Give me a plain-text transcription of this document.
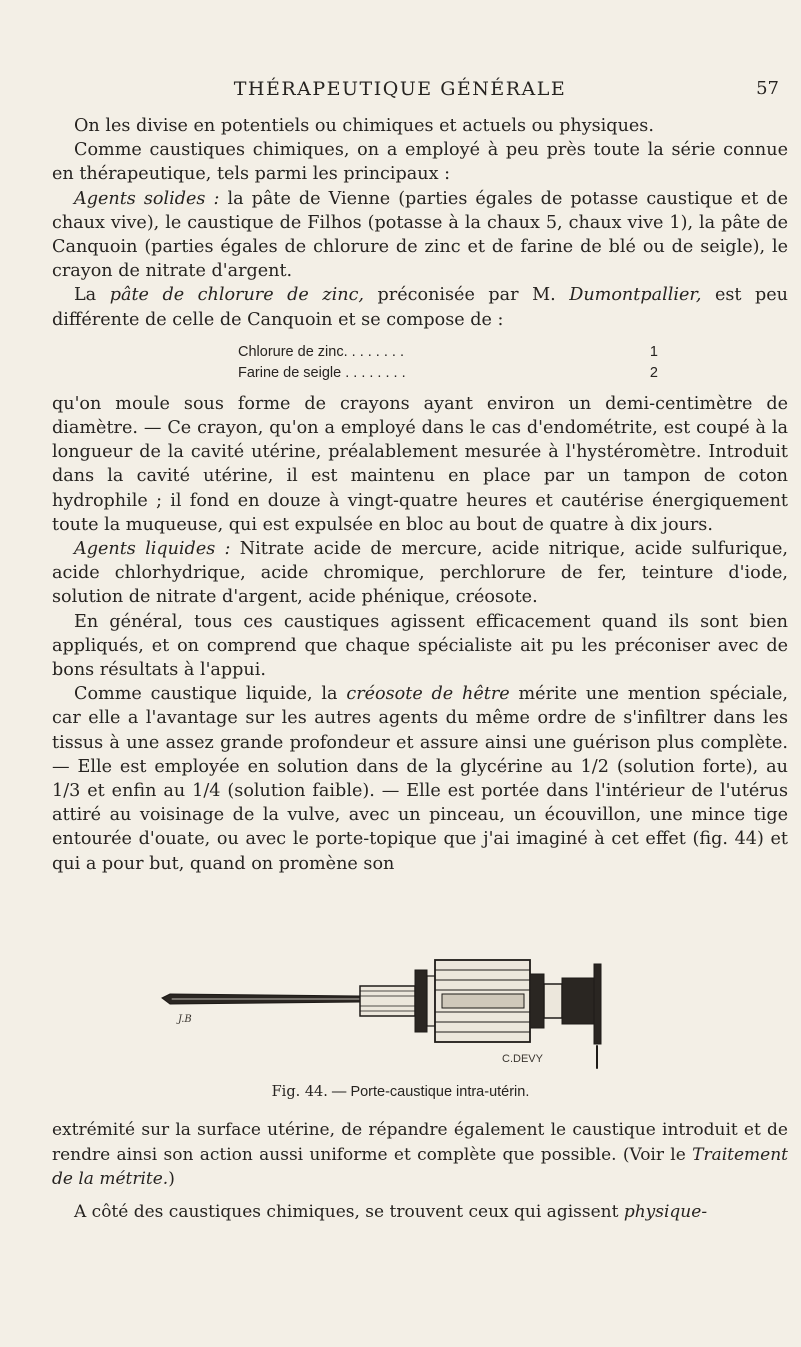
THÉRAPEUTIQUE GÉNÉRALE	57

On les divise en potentiels ou chimiques et actuels ou physiques.

Comme caustiques chimiques, on a employé à peu près toute la série connue en thérapeutique, tels parmi les principaux :

Agents solides : la pâte de Vienne (parties égales de potasse caustique et de chaux vive), le caustique de Filhos (potasse à la chaux 5, chaux vive 1), la pâte de Canquoin (parties égales de chlorure de zinc et de farine de blé ou de seigle), le crayon de nitrate d'argent.

La pâte de chlorure de zinc, préconisée par M. Dumontpallier, est peu différente de celle de Canquoin et se compose de :

Chlorure de zinc. . . . . . . .	1
Farine de seigle . . . . . . . .	2

qu'on moule sous forme de crayons ayant environ un demi-centimètre de diamètre. — Ce crayon, qu'on a employé dans le cas d'endométrite, est coupé à la longueur de la cavité utérine, préalablement mesurée à l'hystéromètre. Introduit dans la cavité utérine, il est maintenu en place par un tampon de coton hydrophile ; il fond en douze à vingt-quatre heures et cautérise énergiquement toute la muqueuse, qui est expulsée en bloc au bout de quatre à dix jours.

Agents liquides : Nitrate acide de mercure, acide nitrique, acide sulfurique, acide chlorhydrique, acide chromique, perchlorure de fer, teinture d'iode, solution de nitrate d'argent, acide phénique, créosote.

En général, tous ces caustiques agissent efficacement quand ils sont bien appliqués, et on comprend que chaque spécialiste ait pu les préconiser avec de bons résultats à l'appui.

Comme caustique liquide, la créosote de hêtre mérite une mention spéciale, car elle a l'avantage sur les autres agents du même ordre de s'infiltrer dans les tissus à une assez grande profondeur et assure ainsi une guérison plus complète. — Elle est employée en solution dans de la glycérine au 1/2 (solution forte), au 1/3 et enfin au 1/4 (solution faible). — Elle est portée dans l'intérieur de l'utérus attiré au voisinage de la vulve, avec un pinceau, un écouvillon, une mince tige entourée d'ouate, ou avec le porte-topique que j'ai imaginé à cet effet (fig. 44) et qui a pour but, quand on promène son

J.B
C.DEVY
Fig. 44. — Porte-caustique intra-utérin.

extrémité sur la surface utérine, de répandre également le caustique introduit et de rendre ainsi son action aussi uniforme et complète que possible. (Voir le Traitement de la métrite.)

A côté des caustiques chimiques, se trouvent ceux qui agissent physique-
